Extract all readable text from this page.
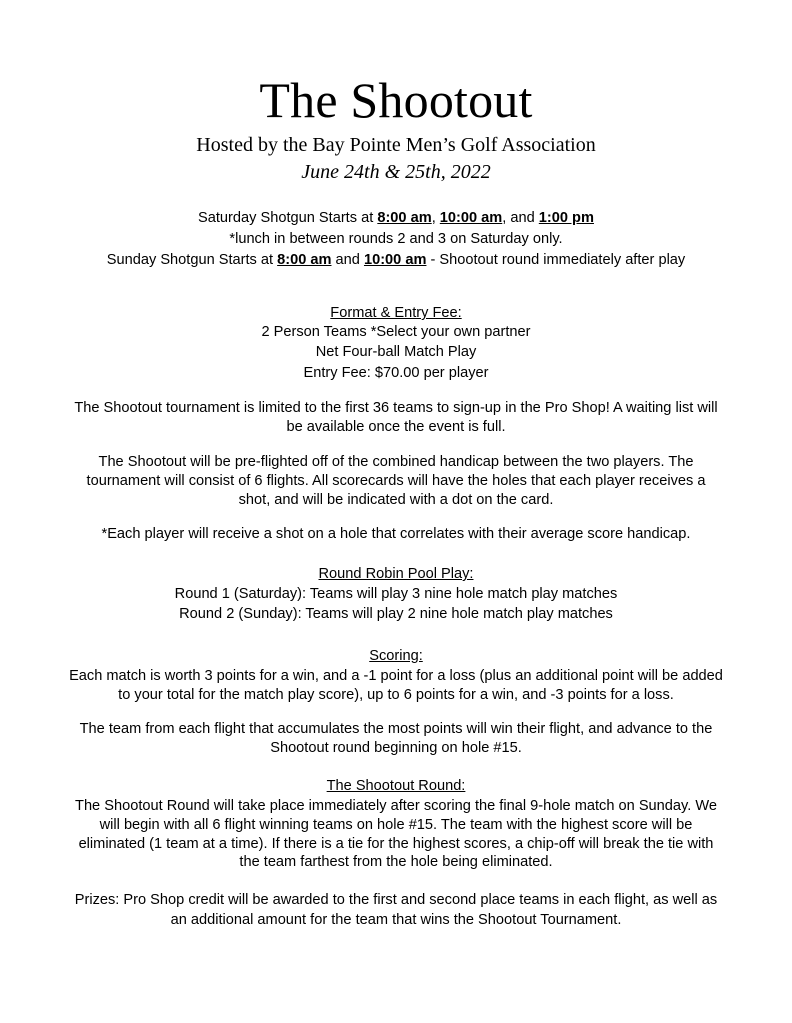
The Shootout
Hosted by the Bay Pointe Men’s Golf Association
June 24th & 25th, 2022
Saturday Shotgun Starts at 8:00 am, 10:00 am, and 1:00 pm
*lunch in between rounds 2 and 3 on Saturday only.
Sunday Shotgun Starts at 8:00 am and 10:00 am - Shootout round immediately after play
Format & Entry Fee:
2 Person Teams *Select your own partner
Net Four-ball Match Play
Entry Fee: $70.00 per player
The Shootout tournament is limited to the first 36 teams to sign-up in the Pro Shop! A waiting list will
be available once the event is full.
The Shootout will be pre-flighted off of the combined handicap between the two players. The
tournament will consist of 6 flights. All scorecards will have the holes that each player receives a
shot, and will be indicated with a dot on the card.
*Each player will receive a shot on a hole that correlates with their average score handicap.
Round Robin Pool Play:
Round 1 (Saturday): Teams will play 3 nine hole match play matches
Round 2 (Sunday): Teams will play 2 nine hole match play matches
Scoring:
Each match is worth 3 points for a win, and a -1 point for a loss (plus an additional point will be added
to your total for the match play score), up to 6 points for a win, and -3 points for a loss.
The team from each flight that accumulates the most points will win their flight, and advance to the
Shootout round beginning on hole #15.
The Shootout Round:
The Shootout Round will take place immediately after scoring the final 9-hole match on Sunday. We
will begin with all 6 flight winning teams on hole #15. The team with the highest score will be
eliminated (1 team at a time). If there is a tie for the highest scores, a chip-off will break the tie with
the team farthest from the hole being eliminated.
Prizes: Pro Shop credit will be awarded to the first and second place teams in each flight, as well as
an additional amount for the team that wins the Shootout Tournament.
